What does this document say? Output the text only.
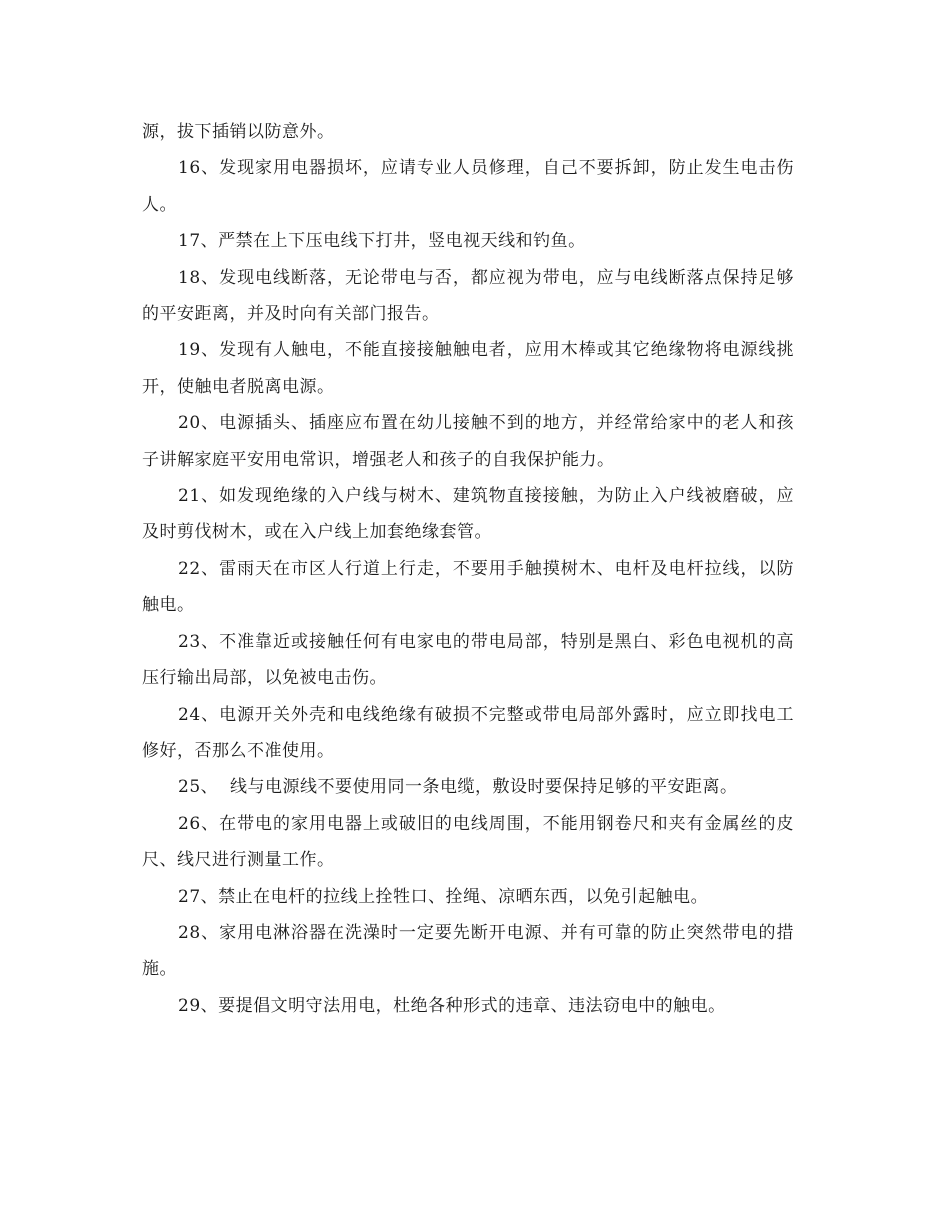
源，拔下插销以防意外。

16、发现家用电器损坏，应请专业人员修理，自己不要拆卸，防止发生电击伤人。

17、严禁在上下压电线下打井，竖电视天线和钓鱼。

18、发现电线断落，无论带电与否，都应视为带电，应与电线断落点保持足够的平安距离，并及时向有关部门报告。

19、发现有人触电，不能直接接触触电者，应用木棒或其它绝缘物将电源线挑开，使触电者脱离电源。

20、电源插头、插座应布置在幼儿接触不到的地方，并经常给家中的老人和孩子讲解家庭平安用电常识，增强老人和孩子的自我保护能力。

21、如发现绝缘的入户线与树木、建筑物直接接触，为防止入户线被磨破，应及时剪伐树木，或在入户线上加套绝缘套管。

22、雷雨天在市区人行道上行走，不要用手触摸树木、电杆及电杆拉线，以防触电。

23、不准靠近或接触任何有电家电的带电局部，特别是黑白、彩色电视机的高压行输出局部，以免被电击伤。

24、电源开关外壳和电线绝缘有破损不完整或带电局部外露时，应立即找电工修好，否那么不准使用。

25、  线与电源线不要使用同一条电缆，敷设时要保持足够的平安距离。

26、在带电的家用电器上或破旧的电线周围，不能用钢卷尺和夹有金属丝的皮尺、线尺进行测量工作。

27、禁止在电杆的拉线上拴牲口、拴绳、凉晒东西，以免引起触电。

28、家用电淋浴器在洗澡时一定要先断开电源、并有可靠的防止突然带电的措施。

29、要提倡文明守法用电，杜绝各种形式的违章、违法窃电中的触电。
